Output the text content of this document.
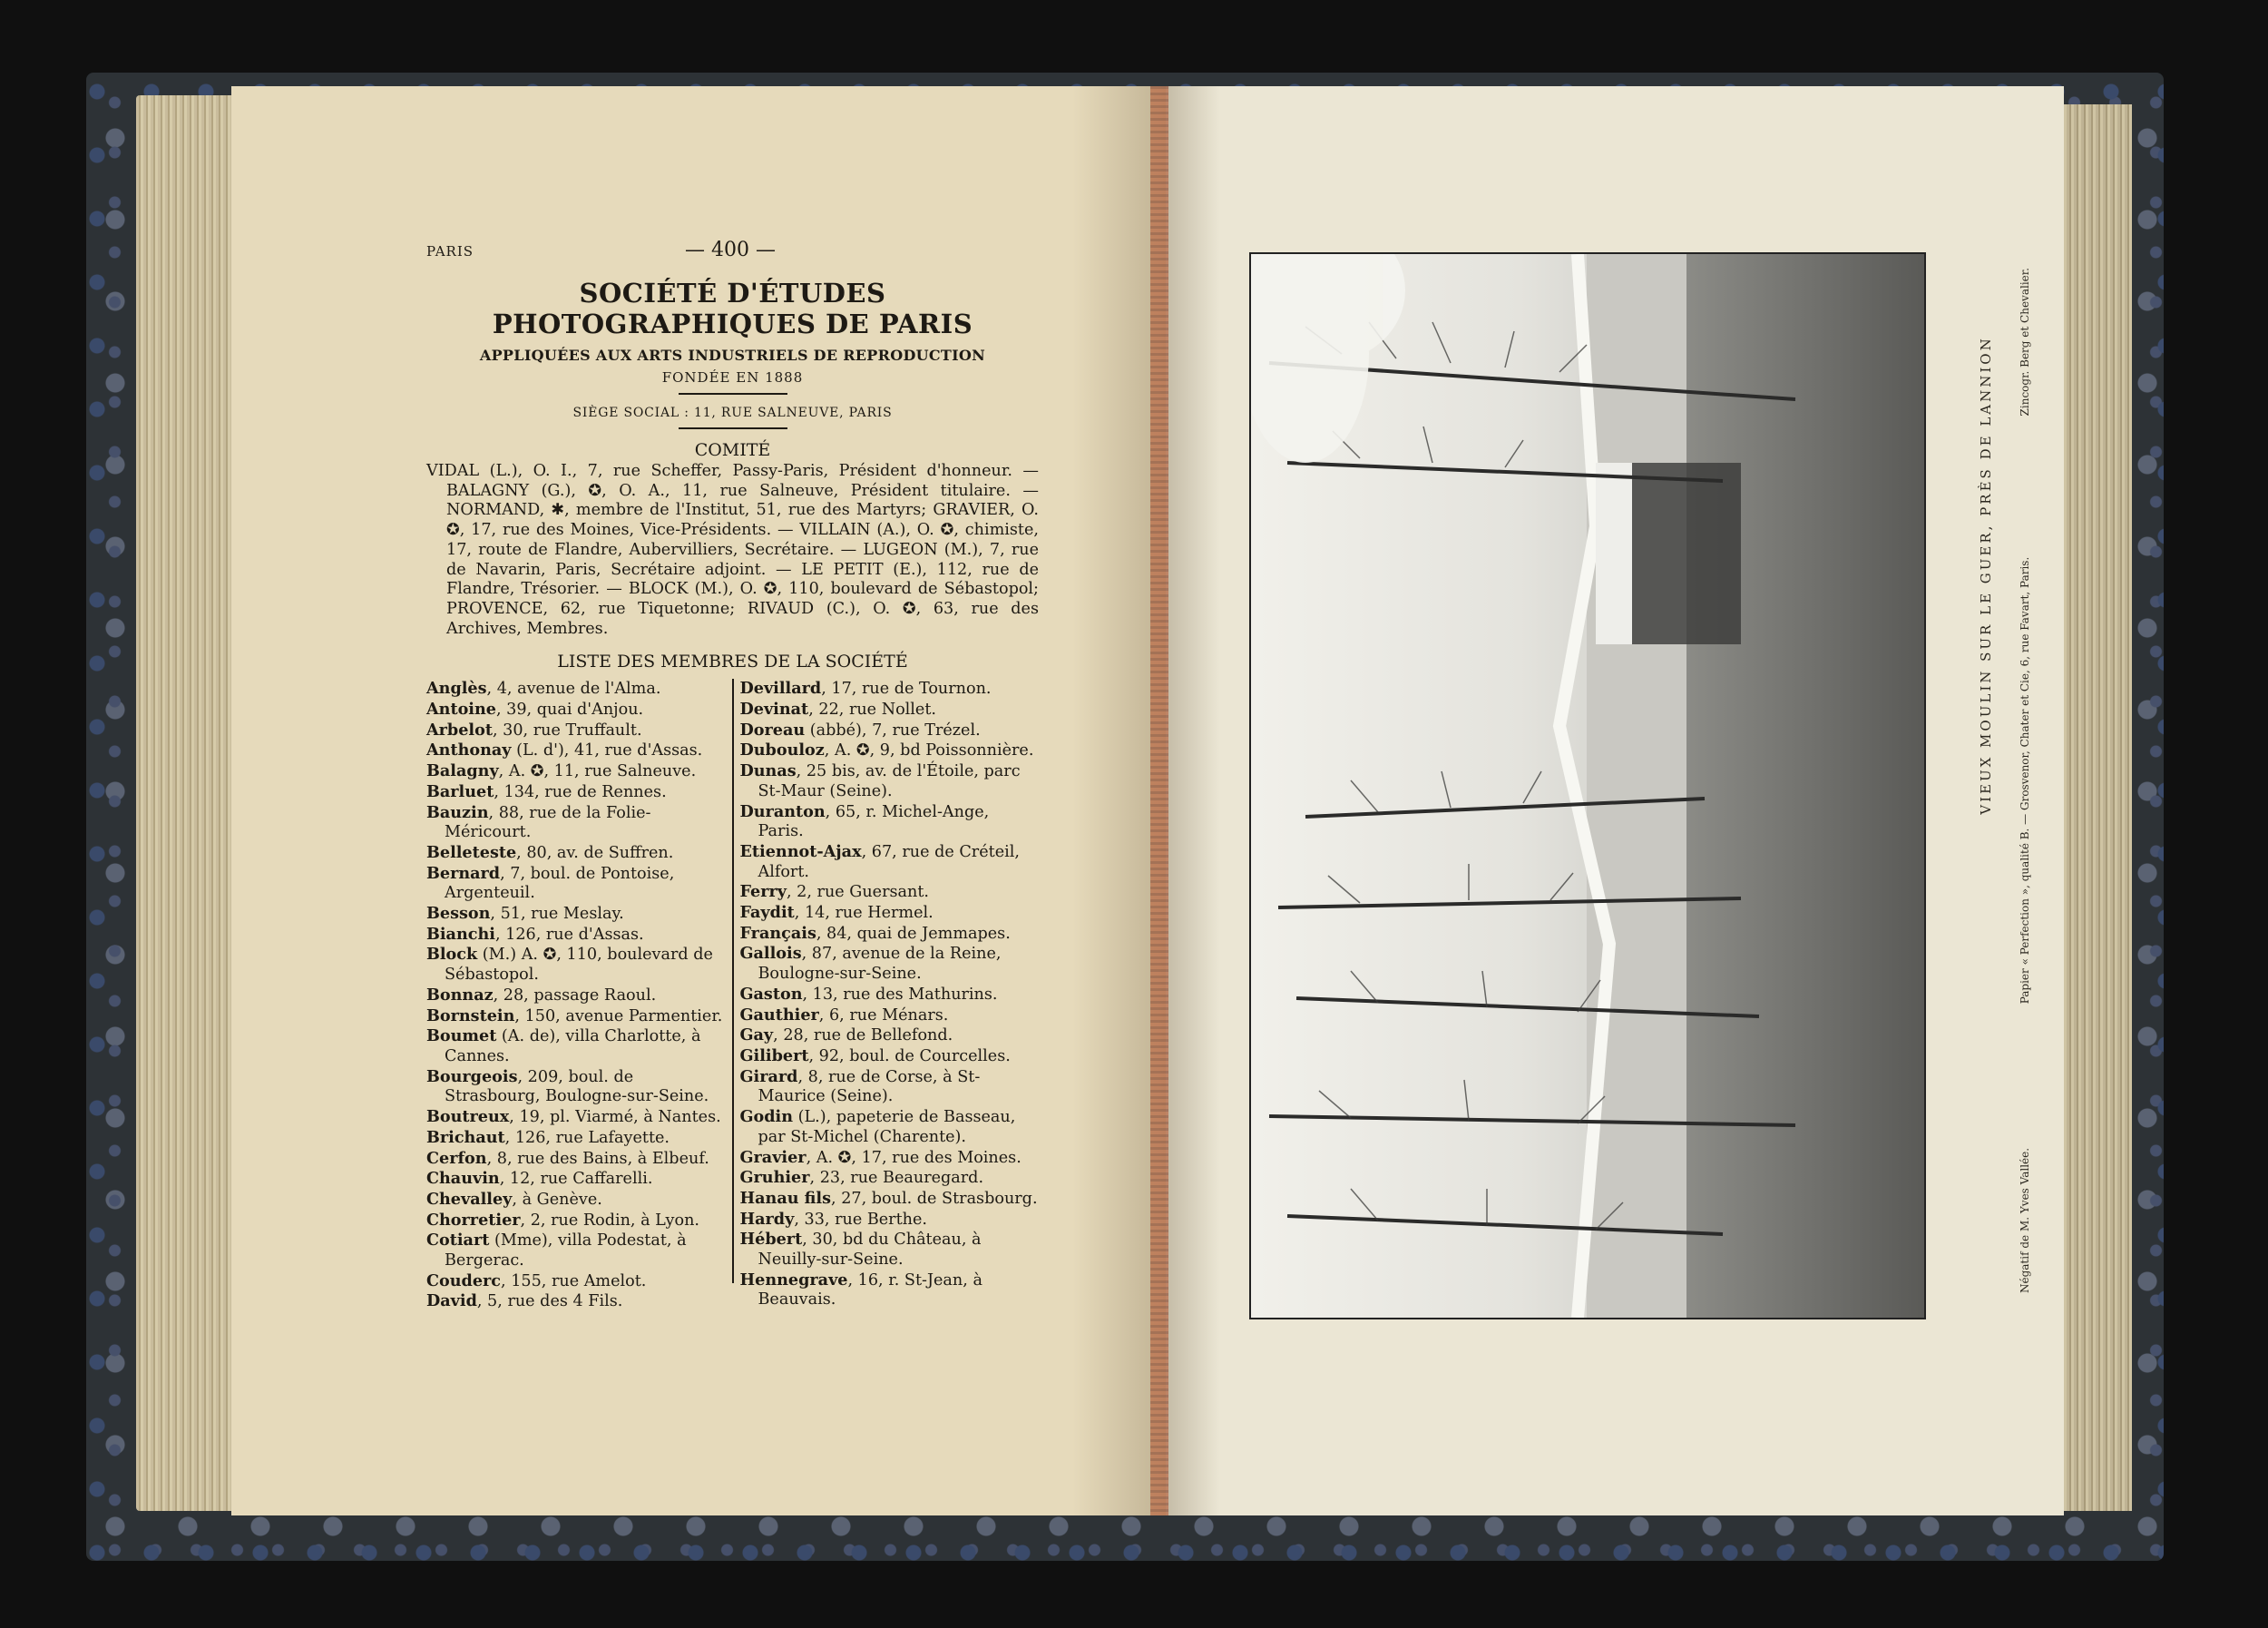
PARIS	— 400 —
SOCIÉTÉ D'ÉTUDES PHOTOGRAPHIQUES DE PARIS
APPLIQUÉES AUX ARTS INDUSTRIELS DE REPRODUCTION
FONDÉE EN 1888
SIÈGE SOCIAL : 11, RUE SALNEUVE, PARIS
COMITÉ

VIDAL (L.), O. I., 7, rue Scheffer, Passy-Paris, Président d'honneur. — BALAGNY (G.), ✪, O. A., 11, rue Salneuve, Président titulaire. — NORMAND, ✱, membre de l'Institut, 51, rue des Martyrs; GRAVIER, O. ✪, 17, rue des Moines, Vice-Présidents. — VILLAIN (A.), O. ✪, chimiste, 17, route de Flandre, Aubervilliers, Secrétaire. — LUGEON (M.), 7, rue de Navarin, Paris, Secrétaire adjoint. — LE PETIT (E.), 112, rue de Flandre, Trésorier. — BLOCK (M.), O. ✪, 110, boulevard de Sébastopol; PROVENCE, 62, rue Tiquetonne; RIVAUD (C.), O. ✪, 63, rue des Archives, Membres.

LISTE DES MEMBRES DE LA SOCIÉTÉ
Anglès, 4, avenue de l'Alma.
Antoine, 39, quai d'Anjou.
Arbelot, 30, rue Truffault.
Anthonay (L. d'), 41, rue d'Assas.
Balagny, A. ✪, 11, rue Salneuve.
Barluet, 134, rue de Rennes.
Bauzin, 88, rue de la Folie-Méricourt.
Belleteste, 80, av. de Suffren.
Bernard, 7, boul. de Pontoise, Argenteuil.
Besson, 51, rue Meslay.
Bianchi, 126, rue d'Assas.
Block (M.) A. ✪, 110, boulevard de Sébastopol.
Bonnaz, 28, passage Raoul.
Bornstein, 150, avenue Parmentier.
Boumet (A. de), villa Charlotte, à Cannes.
Bourgeois, 209, boul. de Strasbourg, Boulogne-sur-Seine.
Boutreux, 19, pl. Viarmé, à Nantes.
Brichaut, 126, rue Lafayette.
Cerfon, 8, rue des Bains, à Elbeuf.
Chauvin, 12, rue Caffarelli.
Chevalley, à Genève.
Chorretier, 2, rue Rodin, à Lyon.
Cotiart (Mme), villa Podestat, à Bergerac.
Couderc, 155, rue Amelot.
David, 5, rue des 4 Fils.
Devillard, 17, rue de Tournon.
Devinat, 22, rue Nollet.
Doreau (abbé), 7, rue Trézel.
Dubouloz, A. ✪, 9, bd Poissonnière.
Dunas, 25 bis, av. de l'Étoile, parc St-Maur (Seine).
Duranton, 65, r. Michel-Ange, Paris.
Etiennot-Ajax, 67, rue de Créteil, Alfort.
Ferry, 2, rue Guersant.
Faydit, 14, rue Hermel.
Français, 84, quai de Jemmapes.
Gallois, 87, avenue de la Reine, Boulogne-sur-Seine.
Gaston, 13, rue des Mathurins.
Gauthier, 6, rue Ménars.
Gay, 28, rue de Bellefond.
Gilibert, 92, boul. de Courcelles.
Girard, 8, rue de Corse, à St-Maurice (Seine).
Godin (L.), papeterie de Basseau, par St-Michel (Charente).
Gravier, A. ✪, 17, rue des Moines.
Gruhier, 23, rue Beauregard.
Hanau fils, 27, boul. de Strasbourg.
Hardy, 33, rue Berthe.
Hébert, 30, bd du Château, à Neuilly-sur-Seine.
Hennegrave, 16, r. St-Jean, à Beauvais.
VIEUX MOULIN SUR LE GUER, PRÈS DE LANNION
Négatif de M. Yves Vallée.
Papier « Perfection », qualité B. — Grosvenor, Chater et Cie, 6, rue Favart, Paris.
Zincogr. Berg et Chevalier.
